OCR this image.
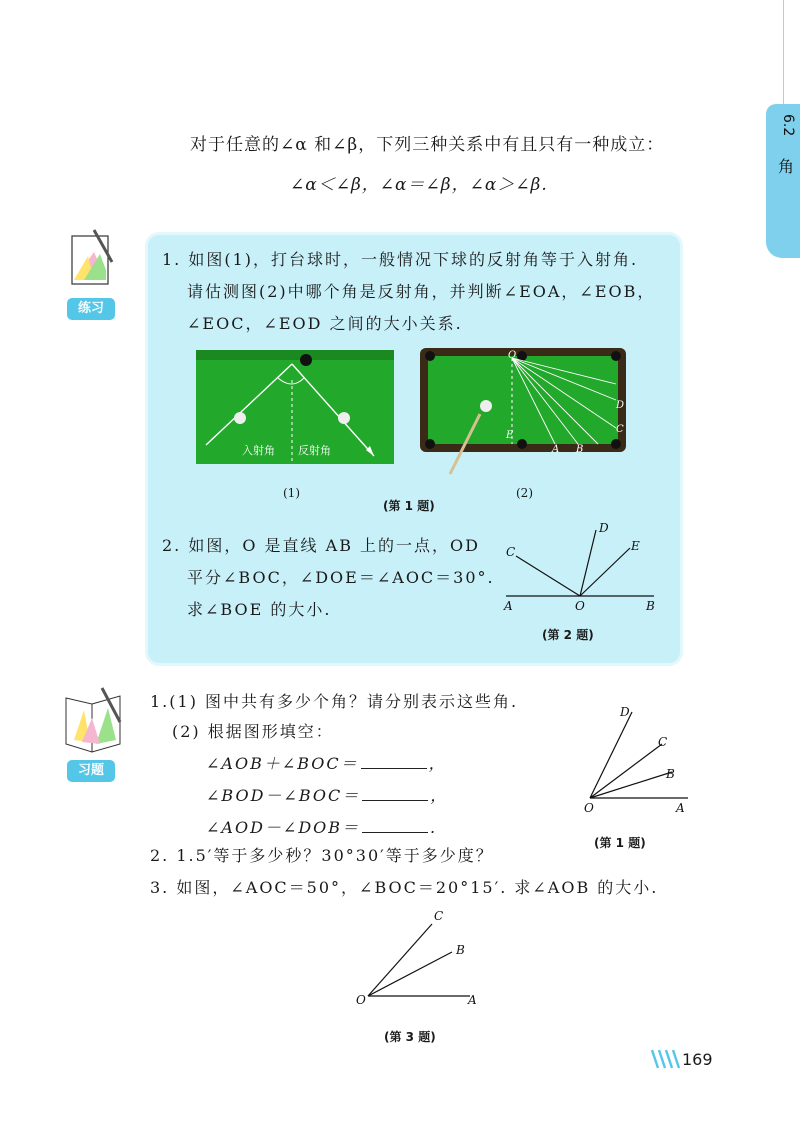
6.2
角
对于任意的∠α 和∠β，下列三种关系中有且只有一种成立：
∠α＜∠β，∠α＝∠β，∠α＞∠β.
练习
1. 如图(1)，打台球时，一般情况下球的反射角等于入射角.
请估测图(2)中哪个角是反射角，并判断∠EOA，∠EOB，
∠EOC，∠EOD 之间的大小关系.
入射角 反射角
O
D
C
E
A B
(1)	(2)
(第 1 题)
2. 如图，O 是直线 AB 上的一点，OD
平分∠BOC，∠DOE＝∠AOC＝30°.
求∠BOE 的大小.
D
C	E
A	O	B
(第 2 题)
习题
1.(1) 图中共有多少个角？请分别表示这些角.
(2) 根据图形填空：
∠AOB＋∠BOC＝	，
∠BOD－∠BOC＝	，
∠AOD－∠DOB＝	.
D
C
B
O	A
(第 1 题)
2. 1.5′等于多少秒？30°30′等于多少度？
3. 如图，∠AOC＝50°，∠BOC＝20°15′. 求∠AOB 的大小.
C
B
O	A
(第 3 题)
169
